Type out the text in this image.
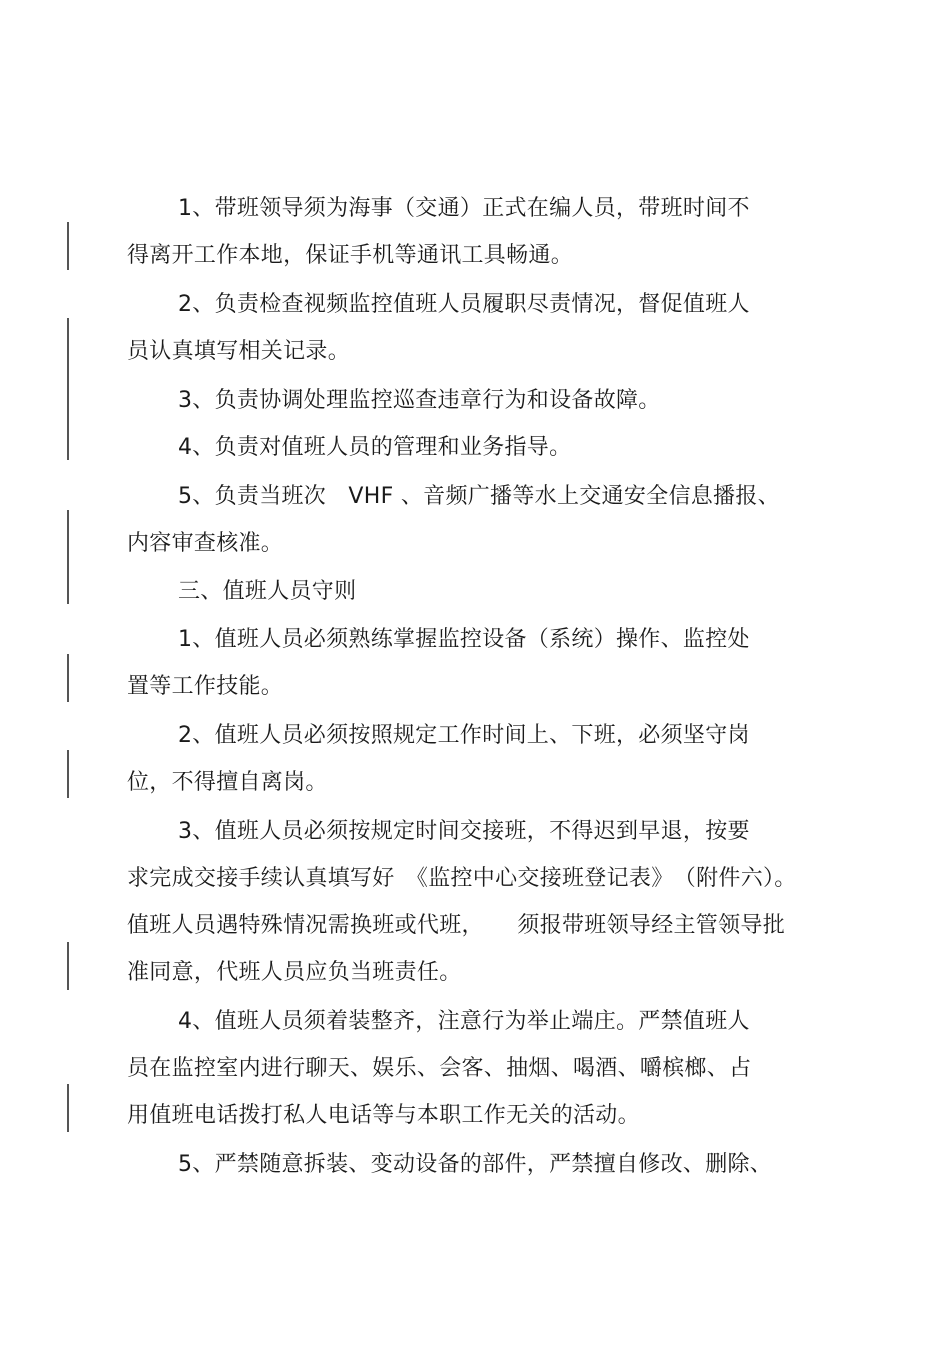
1、带班领导须为海事（交通）正式在编人员，带班时间不
得离开工作本地，保证手机等通讯工具畅通。
2、负责检查视频监控值班人员履职尽责情况，督促值班人
员认真填写相关记录。
3、负责协调处理监控巡查违章行为和设备故障。
4、负责对值班人员的管理和业务指导。
5、负责当班次　VHF 、音频广播等水上交通安全信息播报、
内容审查核准。
三、值班人员守则
1、值班人员必须熟练掌握监控设备（系统）操作、监控处
置等工作技能。
2、值班人员必须按照规定工作时间上、下班，必须坚守岗
位，不得擅自离岗。
3、值班人员必须按规定时间交接班，不得迟到早退，按要
求完成交接手续认真填写好　《监控中心交接班登记表》　（附件六）。
值班人员遇特殊情况需换班或代班，　　须报带班领导经主管领导批
准同意，代班人员应负当班责任。
4、值班人员须着装整齐，注意行为举止端庄。严禁值班人
员在监控室内进行聊天、娱乐、会客、抽烟、喝酒、嚼槟榔、占
用值班电话拨打私人电话等与本职工作无关的活动。
5、严禁随意拆装、变动设备的部件，严禁擅自修改、删除、
